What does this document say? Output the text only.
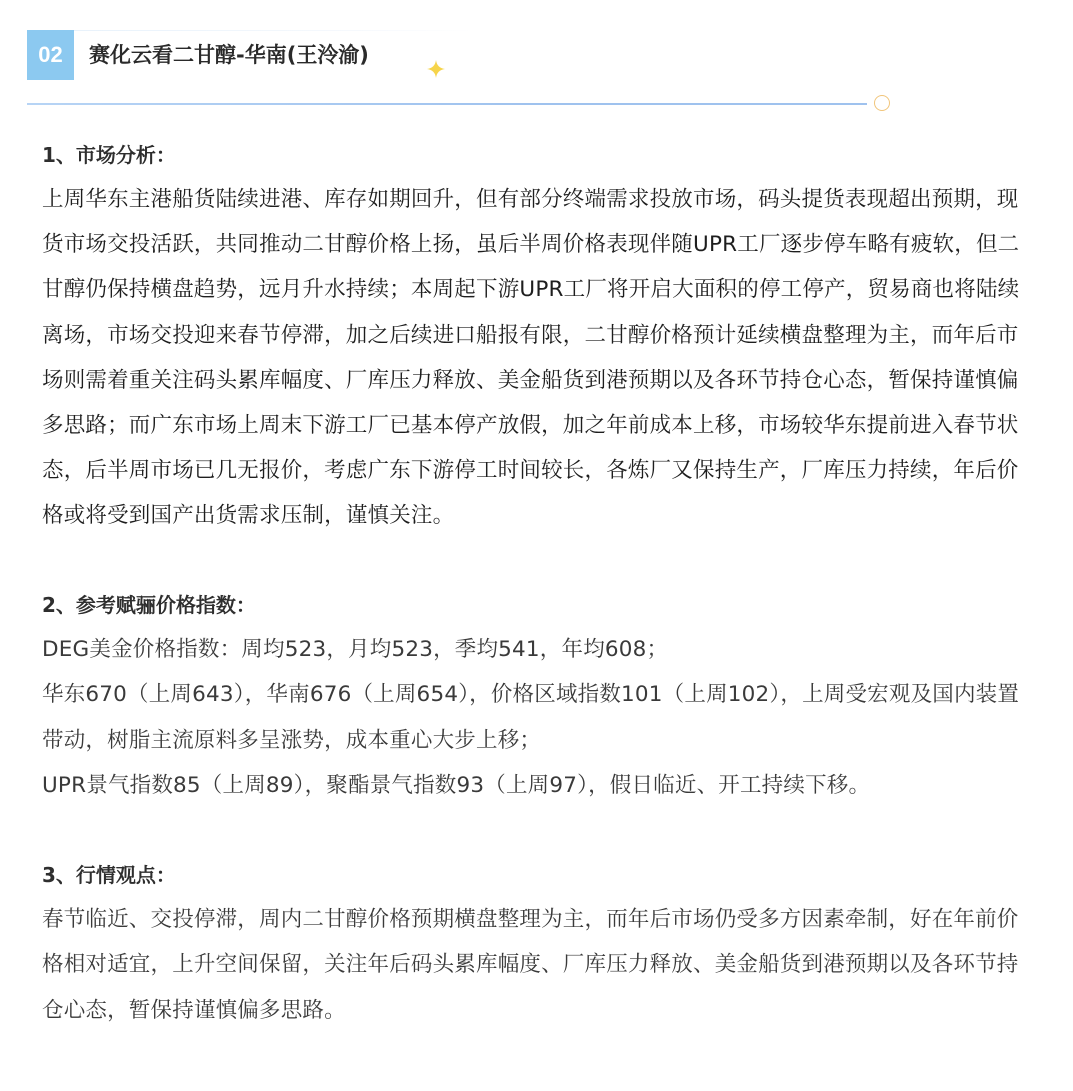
02	赛化云看二甘醇-华南(王泠渝)

1、市场分析：

上周华东主港船货陆续进港、库存如期回升，但有部分终端需求投放市场，码头提货表现超出预期，现货市场交投活跃，共同推动二甘醇价格上扬，虽后半周价格表现伴随UPR工厂逐步停车略有疲软，但二甘醇仍保持横盘趋势，远月升水持续；本周起下游UPR工厂将开启大面积的停工停产，贸易商也将陆续离场，市场交投迎来春节停滞，加之后续进口船报有限，二甘醇价格预计延续横盘整理为主，而年后市场则需着重关注码头累库幅度、厂库压力释放、美金船货到港预期以及各环节持仓心态，暂保持谨慎偏多思路；而广东市场上周末下游工厂已基本停产放假，加之年前成本上移，市场较华东提前进入春节状态，后半周市场已几无报价，考虑广东下游停工时间较长，各炼厂又保持生产，厂库压力持续，年后价格或将受到国产出货需求压制，谨慎关注。

2、参考赋骊价格指数：

DEG美金价格指数：周均523，月均523，季均541，年均608；

华东670（上周643），华南676（上周654），价格区域指数101（上周102），上周受宏观及国内装置带动，树脂主流原料多呈涨势，成本重心大步上移；

UPR景气指数85（上周89），聚酯景气指数93（上周97），假日临近、开工持续下移。

3、行情观点：

春节临近、交投停滞，周内二甘醇价格预期横盘整理为主，而年后市场仍受多方因素牵制，好在年前价格相对适宜，上升空间保留，关注年后码头累库幅度、厂库压力释放、美金船货到港预期以及各环节持仓心态，暂保持谨慎偏多思路。
